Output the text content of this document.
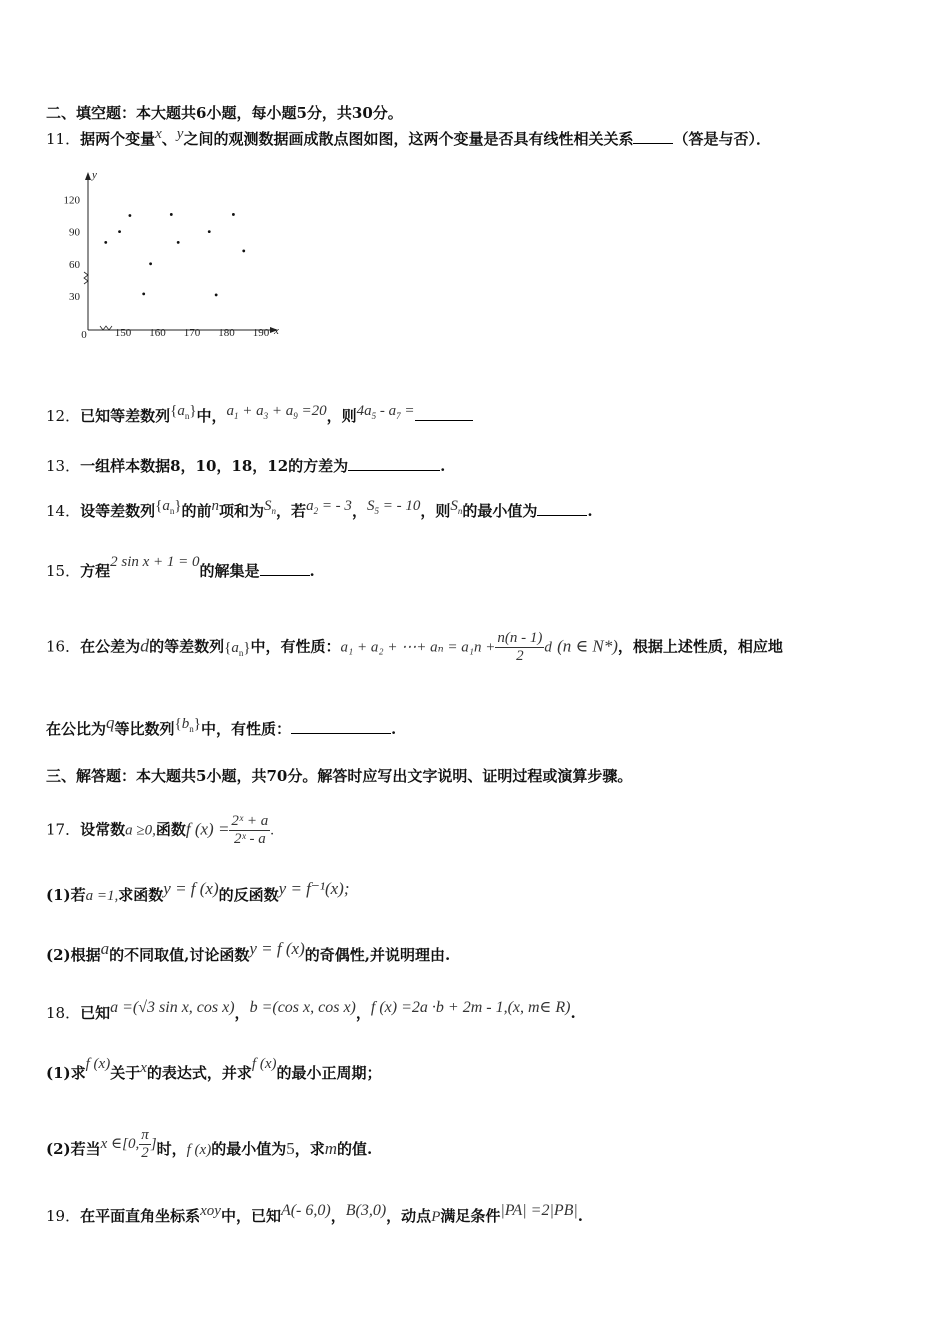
二、填空题：本大题共6小题，每小题5分，共30分。
11．据两个变量x、y之间的观测数据画成散点图如图，这两个变量是否具有线性相关关系	（答是与否）．
y
x
0	150 160 170 180 190
30
60
90
120
12．已知等差数列$\{a_n\}$中，$a_1 + a_3 + a_9 =20$，则$4a_5 - a_7$ =
13．一组样本数据8，10，18，12的方差为	.
14．设等差数列$\{a_n\}$的前n项和为$S_n$，若$a_2$ = - 3，$S_5$ = - 10，则$S_n$的最小值为	.
15．方程2 sin x + 1 = 0的解集是	.
16．在公差为d的等差数列$\{a_n\}$中，有性质：a₁ + a₂ + ⋯+ $a_n = a_1n + \frac{n(n - 1)}{2}$ d (n ∈ N*)，根据上述性质，相应地
在公比为q等比数列$\{b_n\}$中，有性质：	.
三、解答题：本大题共5小题，共70分。解答时应写出文字说明、证明过程或演算步骤。
17．设常数a ≥0,函数f $(x) = \frac{\text{2ˣ + a}}{\text{2ˣ - a}}$ .
(1)若a =1,求函数y = f (x)的反函数y = f⁻¹(x);
(2)根据a的不同取值,讨论函数y = f (x)的奇偶性,并说明理由.
18．已知a =(√3 sin x, cos x)，b =(cos x, cos x)，f (x) =2a ·b + 2m - 1,(x, m∈ R).
(1)求f (x)关于x的表达式，并求f (x)的最小正周期；
(2)若当x ∈[0, $\frac{\pi}{2}$ ]时，f (x)的最小值为5，求m的值.
19．在平面直角坐标系xoy中，已知A(- 6,0)，B(3,0)，动点P满足条件|PA| =2|PB|.
